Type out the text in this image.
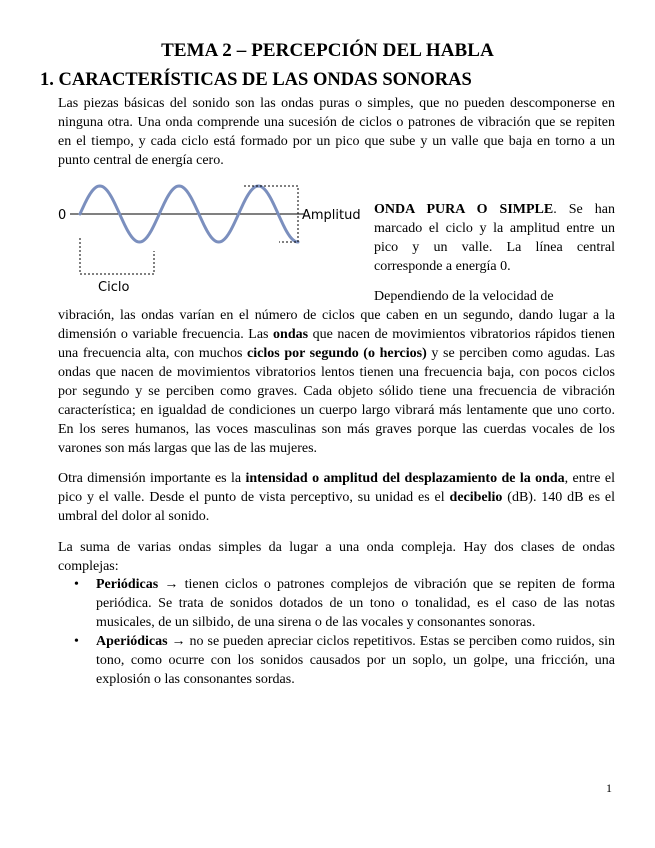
TEMA 2 – PERCEPCIÓN DEL HABLA
1. CARACTERÍSTICAS DE LAS ONDAS SONORAS

Las piezas básicas del sonido son las ondas puras o simples, que no pueden descomponerse en ninguna otra. Una onda comprende una sucesión de ciclos o patrones de vibración que se repiten en el tiempo, y cada ciclo está formado por un pico que sube y un valle que baja en torno a un punto central de energía cero.

0	Amplitud
Ciclo

ONDA PURA O SIMPLE. Se han marcado el ciclo y la amplitud entre un pico y un valle. La línea central corresponde a energía 0.

Dependiendo de la velocidad de
vibración, las ondas varían en el número de ciclos que caben en un segundo, dando lugar a la dimensión o variable frecuencia. Las ondas que nacen de movimientos vibratorios rápidos tienen una frecuencia alta, con muchos ciclos por segundo (o hercios) y se perciben como agudas. Las ondas que nacen de movimientos vibratorios lentos tienen una frecuencia baja, con pocos ciclos por segundo y se perciben como graves. Cada objeto sólido tiene una frecuencia de vibración característica; en igualdad de condiciones un cuerpo largo vibrará más lentamente que uno corto. En los seres humanos, las voces masculinas son más graves porque las cuerdas vocales de los varones son más largas que las de las mujeres.

Otra dimensión importante es la intensidad o amplitud del desplazamiento de la onda, entre el pico y el valle. Desde el punto de vista perceptivo, su unidad es el decibelio (dB). 140 dB es el umbral del dolor al sonido.

La suma de varias ondas simples da lugar a una onda compleja. Hay dos clases de ondas complejas:

• Periódicas → tienen ciclos o patrones complejos de vibración que se repiten de forma periódica. Se trata de sonidos dotados de un tono o tonalidad, es el caso de las notas musicales, de un silbido, de una sirena o de las vocales y consonantes sonoras.
• Aperiódicas → no se pueden apreciar ciclos repetitivos. Estas se perciben como ruidos, sin tono, como ocurre con los sonidos causados por un soplo, un golpe, una fricción, una explosión o las consonantes sordas.
1
